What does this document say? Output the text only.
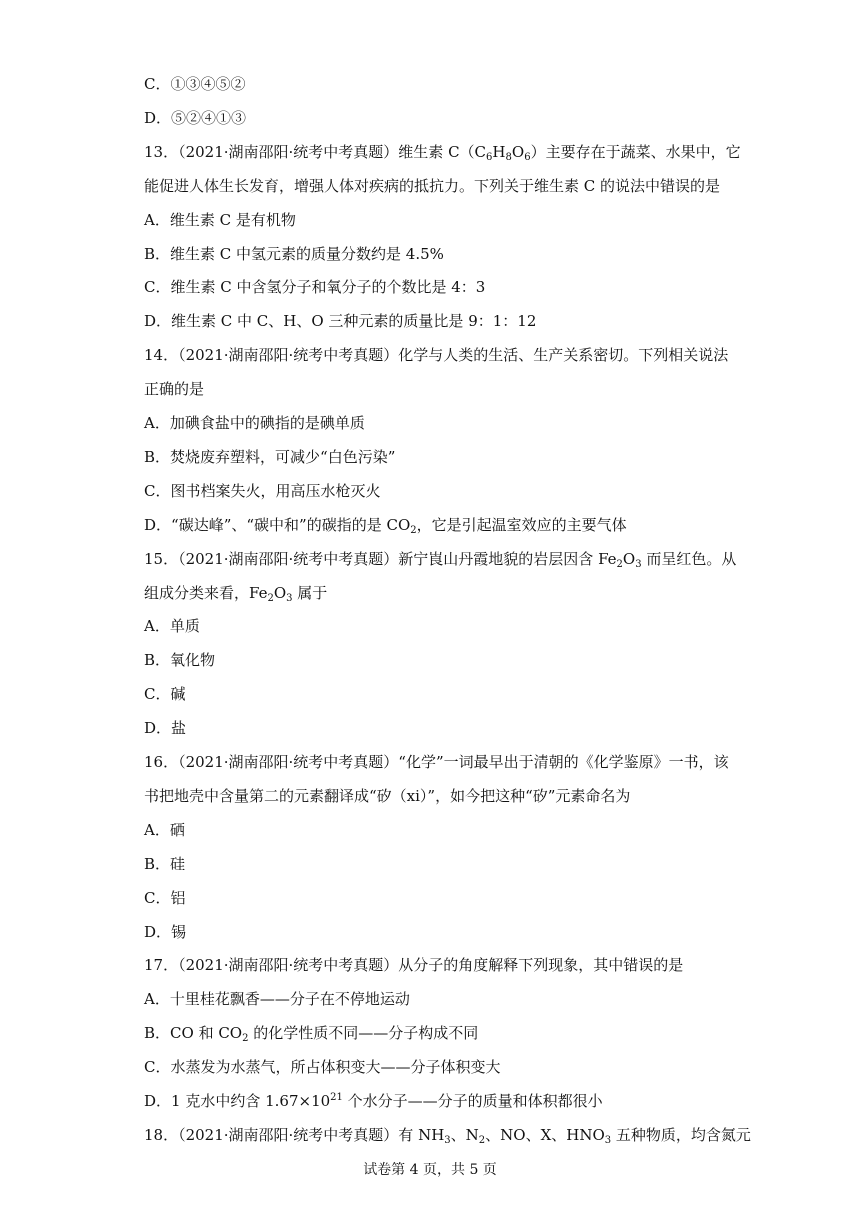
C．①③④⑤②
D．⑤②④①③
13．（2021·湖南邵阳·统考中考真题）维生素 $C(C_6H_8O_6)$主要存在于蔬菜、水果中，它
能促进人体生长发育，增强人体对疾病的抵抗力。下列关于维生素 C 的说法中错误的是
A．维生素 C 是有机物
B．维生素 C 中氢元素的质量分数约是 4.5%
C．维生素 C 中含氢分子和氧分子的个数比是 4：3
D．维生素 C 中 C、H、O 三种元素的质量比是 9：1：12
14．（2021·湖南邵阳·统考中考真题）化学与人类的生活、生产关系密切。下列相关说法
正确的是
A．加碘食盐中的碘指的是碘单质
B．焚烧废弃塑料，可减少“白色污染”
C．图书档案失火，用高压水枪灭火
D．“碳达峰”、“碳中和”的碳指的是 $CO_2$，它是引起温室效应的主要气体
15．（2021·湖南邵阳·统考中考真题）新宁崀山丹霞地貌的岩层因含 $Fe_2O_3$ 而呈红色。从
组成分类来看，$Fe_2O_3$ 属于
A．单质
B．氧化物
C．碱
D．盐
16．（2021·湖南邵阳·统考中考真题）“化学”一词最早出于清朝的《化学鉴原》一书，该
书把地壳中含量第二的元素翻译成“矽（xi）”，如今把这种“矽”元素命名为
A．硒
B．硅
C．铝
D．锡
17．（2021·湖南邵阳·统考中考真题）从分子的角度解释下列现象，其中错误的是
A．十里桂花飘香——分子在不停地运动
B．CO 和 $CO_2$ 的化学性质不同——分子构成不同
C．水蒸发为水蒸气，所占体积变大——分子体积变大
D．1 克水中约含 $1.67\times 10^{21}$ 个水分子——分子的质量和体积都很小
18．（2021·湖南邵阳·统考中考真题）有 $NH_3$、$N_2$、NO、X、$HNO_3$ 五种物质，均含氮元
试卷第 4 页，共 5 页
